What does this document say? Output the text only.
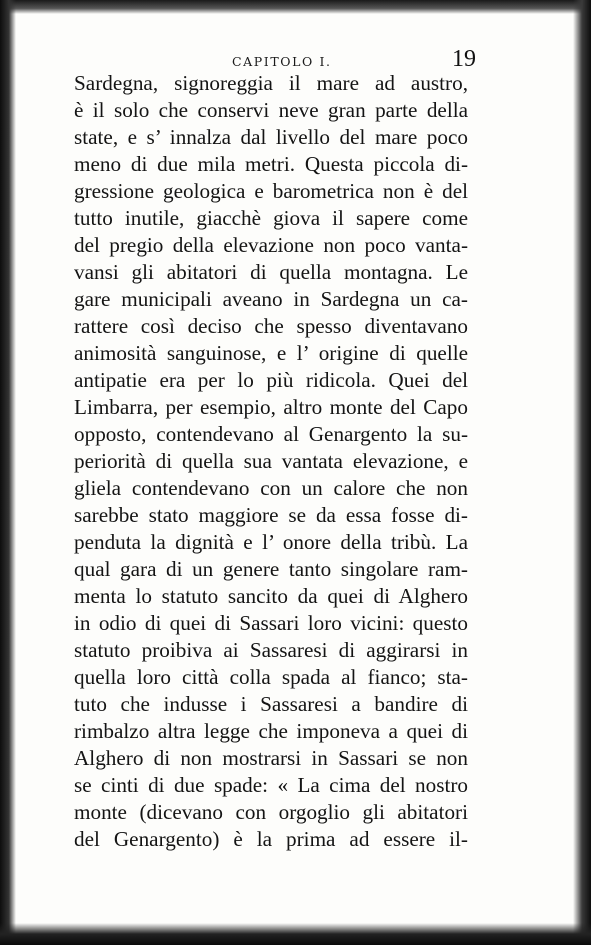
CAPITOLO I.	19
Sardegna, signoreggia il mare ad austro,
è il solo che conservi neve gran parte della
state, e s’ innalza dal livello del mare poco
meno di due mila metri. Questa piccola di-
gressione geologica e barometrica non è del
tutto inutile, giacchè giova il sapere come
del pregio della elevazione non poco vanta-
vansi gli abitatori di quella montagna. Le
gare municipali aveano in Sardegna un ca-
rattere così deciso che spesso diventavano
animosità sanguinose, e l’ origine di quelle
antipatie era per lo più ridicola. Quei del
Limbarra, per esempio, altro monte del Capo
opposto, contendevano al Genargento la su-
periorità di quella sua vantata elevazione, e
gliela contendevano con un calore che non
sarebbe stato maggiore se da essa fosse di-
penduta la dignità e l’ onore della tribù. La
qual gara di un genere tanto singolare ram-
menta lo statuto sancito da quei di Alghero
in odio di quei di Sassari loro vicini: questo
statuto proibiva ai Sassaresi di aggirarsi in
quella loro città colla spada al fianco; sta-
tuto che indusse i Sassaresi a bandire di
rimbalzo altra legge che imponeva a quei di
Alghero di non mostrarsi in Sassari se non
se cinti di due spade: « La cima del nostro
monte (dicevano con orgoglio gli abitatori
del Genargento) è la prima ad essere il-
